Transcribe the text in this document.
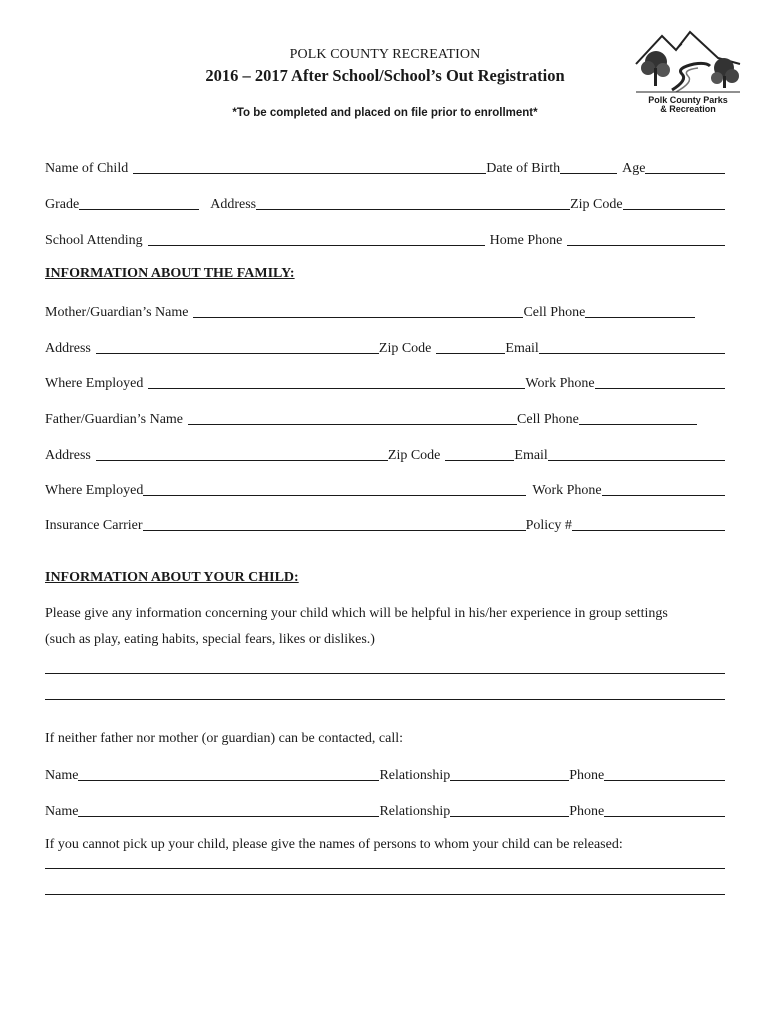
POLK COUNTY RECREATION
2016 – 2017 After School/School’s Out Registration
*To be completed and placed on file prior to enrollment*
Polk County Parks
& Recreation
Name of Child	Date of Birth	Age
Grade	Address	Zip Code
School Attending	Home Phone
INFORMATION ABOUT THE FAMILY:
Mother/Guardian’s Name	Cell Phone
Address	Zip Code	Email
Where Employed	Work Phone
Father/Guardian’s Name	Cell Phone
Address	Zip Code	Email
Where Employed	Work Phone
Insurance Carrier	Policy #
INFORMATION ABOUT YOUR CHILD:
Please give any information concerning your child which will be helpful in his/her experience in group settings
(such as play, eating habits, special fears, likes or dislikes.)
If neither father nor mother (or guardian) can be contacted, call:
Name	Relationship	Phone
Name	Relationship	Phone
If you cannot pick up your child, please give the names of persons to whom your child can be released:
